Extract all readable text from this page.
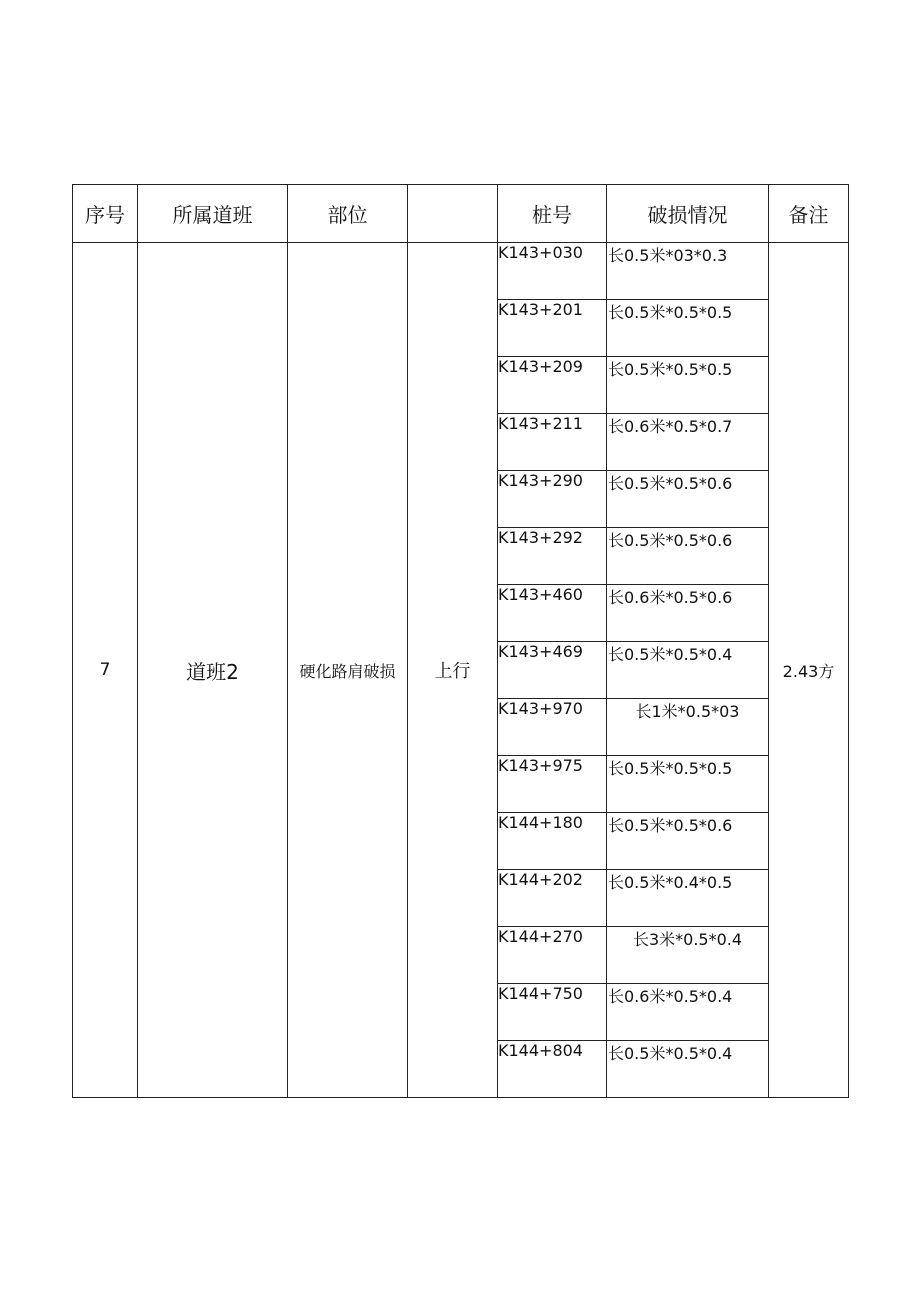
序号	所属道班	部位		桩号	破损情况	备注
7	道班2	硬化路肩破损	上行	K143+030	长0.5米*03*0.3	2.43方
				K143+201	长0.5米*0.5*0.5	
				K143+209	长0.5米*0.5*0.5	
				K143+211	长0.6米*0.5*0.7	
				K143+290	长0.5米*0.5*0.6	
				K143+292	长0.5米*0.5*0.6	
				K143+460	长0.6米*0.5*0.6	
				K143+469	长0.5米*0.5*0.4	
				K143+970	长1米*0.5*03	
				K143+975	长0.5米*0.5*0.5	
				K144+180	长0.5米*0.5*0.6	
				K144+202	长0.5米*0.4*0.5	
				K144+270	长3米*0.5*0.4	
				K144+750	长0.6米*0.5*0.4	
				K144+804	长0.5米*0.5*0.4	
